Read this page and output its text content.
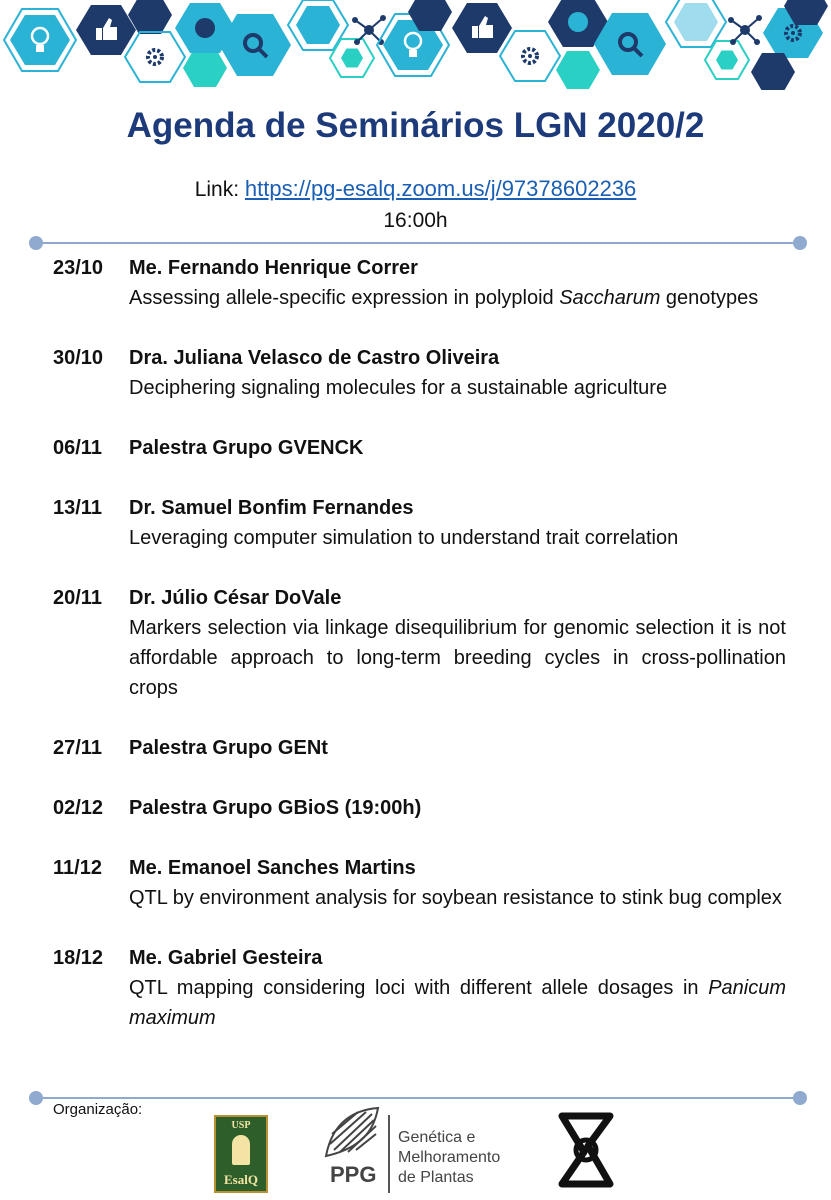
Agenda de Seminários LGN 2020/2
Link: https://pg-esalq.zoom.us/j/97378602236
16:00h
23/10 Me. Fernando Henrique Correr
Assessing allele-specific expression in polyploid Saccharum genotypes
30/10 Dra. Juliana Velasco de Castro Oliveira
Deciphering signaling molecules for a sustainable agriculture
06/11 Palestra Grupo GVENCK
13/11 Dr. Samuel Bonfim Fernandes
Leveraging computer simulation to understand trait correlation
20/11 Dr. Júlio César DoVale
Markers selection via linkage disequilibrium for genomic selection it is not affordable approach to long-term breeding cycles in cross-pollination crops
27/11 Palestra Grupo GENt
02/12 Palestra Grupo GBioS (19:00h)
11/12 Me. Emanoel Sanches Martins
QTL by environment analysis for soybean resistance to stink bug complex
18/12 Me. Gabriel Gesteira
QTL mapping considering loci with different allele dosages in Panicum maximum
Organização:
USP
EsalQ	PPG
Genética e
Melhoramento
de Plantas
